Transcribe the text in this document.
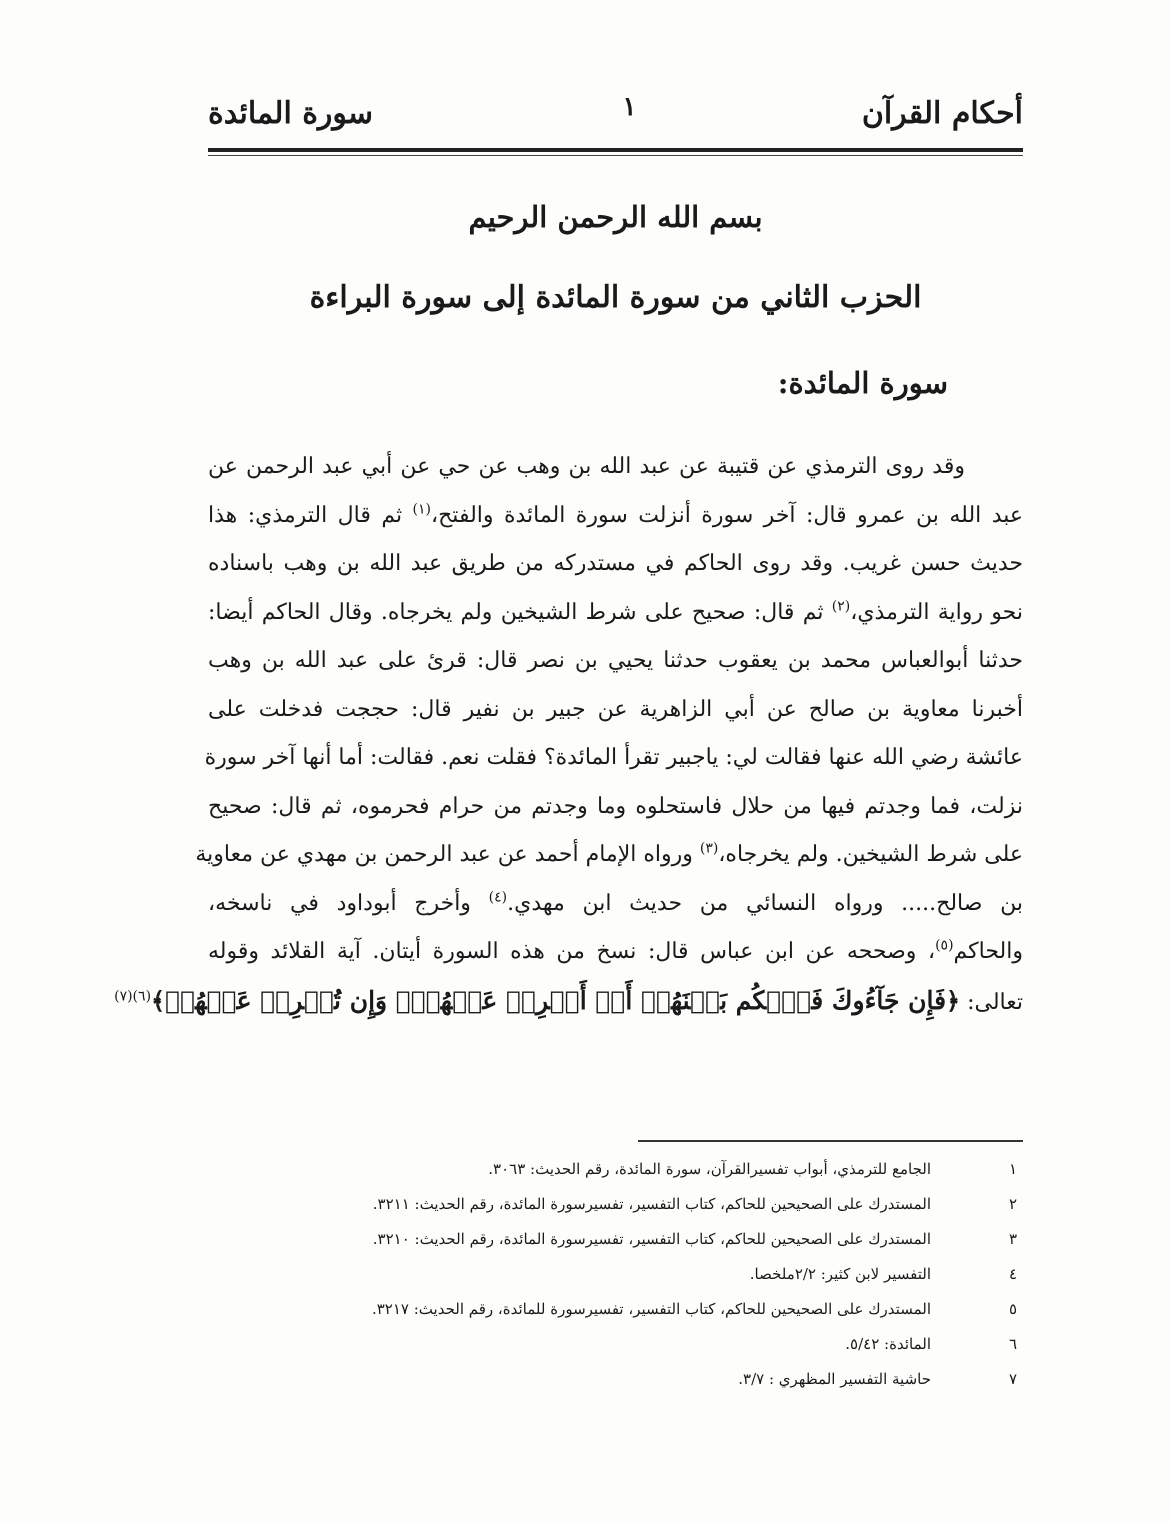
أحكام القرآن
١
سورة المائدة
بسم الله الرحمن الرحيم
الحزب الثاني من سورة المائدة إلى سورة البراءة
سورة المائدة:
وقد روى الترمذي عن قتيبة عن عبد الله بن وهب عن حي عن أبي عبد الرحمن عن
عبد الله بن عمرو قال: آخر سورة أنزلت سورة المائدة والفتح،$^{(١)}$ ثم قال الترمذي: هذا
حديث حسن غريب. وقد روى الحاكم في مستدركه من طريق عبد الله بن وهب باسناده
نحو رواية الترمذي،$^{(٢)}$ ثم قال: صحيح على شرط الشيخين ولم يخرجاه. وقال الحاكم أيضا:
حدثنا أبوالعباس محمد بن يعقوب حدثنا يحيي بن نصر قال: قرئ على عبد الله بن وهب
أخبرنا معاوية بن صالح عن أبي الزاهرية عن جبير بن نفير قال: حججت فدخلت على
عائشة رضي الله عنها فقالت لي: ياجبير تقرأ المائدة؟ فقلت نعم. فقالت: أما أنها آخر سورة
نزلت، فما وجدتم فيها من حلال فاستحلوه وما وجدتم من حرام فحرموه، ثم قال: صحيح
على شرط الشيخين. ولم يخرجاه،$^{(٣)}$ ورواه الإمام أحمد عن عبد الرحمن بن مهدي عن معاوية
بن صالح..... ورواه النسائي من حديث ابن مهدي.$^{(٤)}$ وأخرج أبوداود في ناسخه،
والحاكم$^{(٥)}$، وصححه عن ابن عباس قال: نسخ من هذه السورة أيتان. آية القلائد وقوله
تعالى: ﴿فَإِن جَآءُوكَ فَٱحۡكُم بَيۡنَهُمۡ أَوۡ أَعۡرِضۡ عَنۡهُمۡۖ وَإِن تُعۡرِضۡ عَنۡهُمۡ﴾$^{(٦)(٧)}$
١
الجامع للترمذي، أبواب تفسيرالقرآن، سورة المائدة، رقم الحديث: ٣٠٦٣.
٢
المستدرك على الصحيحين للحاكم، كتاب التفسير، تفسيرسورة المائدة، رقم الحديث: ٣٢١١.
٣
المستدرك على الصحيحين للحاكم، كتاب التفسير، تفسيرسورة المائدة، رقم الحديث: ٣٢١٠.
٤
التفسير لابن كثير: ٢/٢ملخصا.
٥
المستدرك على الصحيحين للحاكم، كتاب التفسير، تفسيرسورة للمائدة، رقم الحديث: ٣٢١٧.
٦
المائدة: ٥/٤٢.
٧
حاشية التفسير المظهري : ٣/٧.
